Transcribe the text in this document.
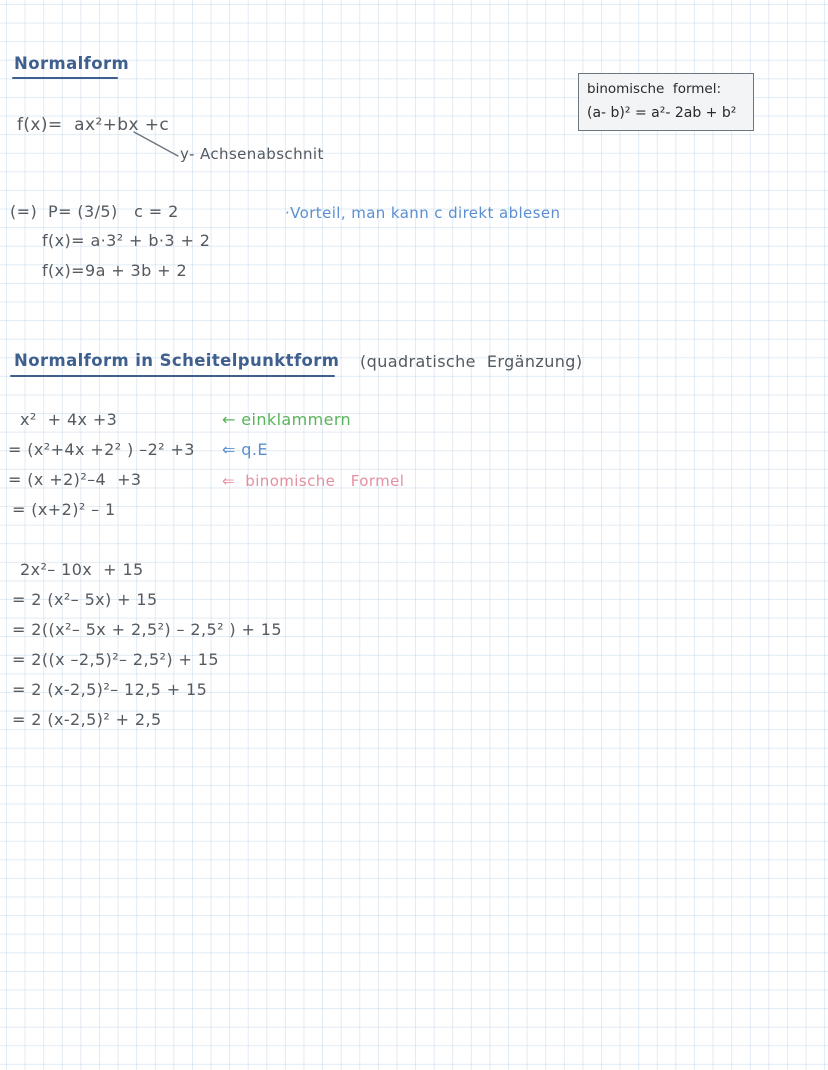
binomische  formel:
(a- b)² = a²- 2ab + b²
Normalform
f(x)=  ax²+bx +c
y- Achsenabschnit
(=)  P= (3/5)   c = 2
f(x)= a·3² + b·3 + 2
f(x)=9a + 3b + 2
·Vorteil, man kann c direkt ablesen
Normalform in Scheitelpunktform (quadratische  Ergänzung)
x²  + 4x +3
= (x²+4x +2² ) –2² +3
= (x +2)²–4  +3
= (x+2)² – 1
← einklammern
⇐ q.E
⇐  binomische   Formel
2x²– 10x  + 15
= 2 (x²– 5x) + 15
= 2((x²– 5x + 2,5²) – 2,5² ) + 15
= 2((x –2,5)²– 2,5²) + 15
= 2 (x-2,5)²– 12,5 + 15
= 2 (x-2,5)² + 2,5
